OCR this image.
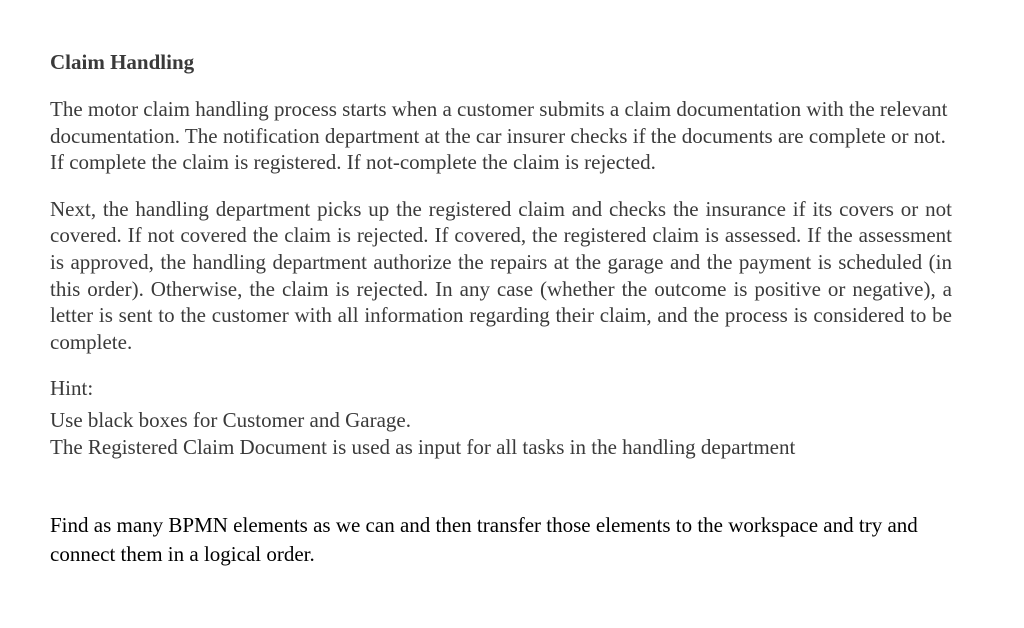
Claim Handling

The motor claim handling process starts when a customer submits a claim documentation with the relevant documentation. The notification department at the car insurer checks if the documents are complete or not. If complete the claim is registered. If not-complete the claim is rejected.

Next, the handling department picks up the registered claim and checks the insurance if its covers or not covered. If not covered the claim is rejected. If covered, the registered claim is assessed. If the assessment is approved, the handling department authorize the repairs at the garage and the payment is scheduled (in this order). Otherwise, the claim is rejected. In any case (whether the outcome is positive or negative), a letter is sent to the customer with all information regarding their claim, and the process is considered to be complete.

Hint:

Use black boxes for Customer and Garage.

The Registered Claim Document is used as input for all tasks in the handling department

Find as many BPMN elements as we can and then transfer those elements to the workspace and try and connect them in a logical order.
